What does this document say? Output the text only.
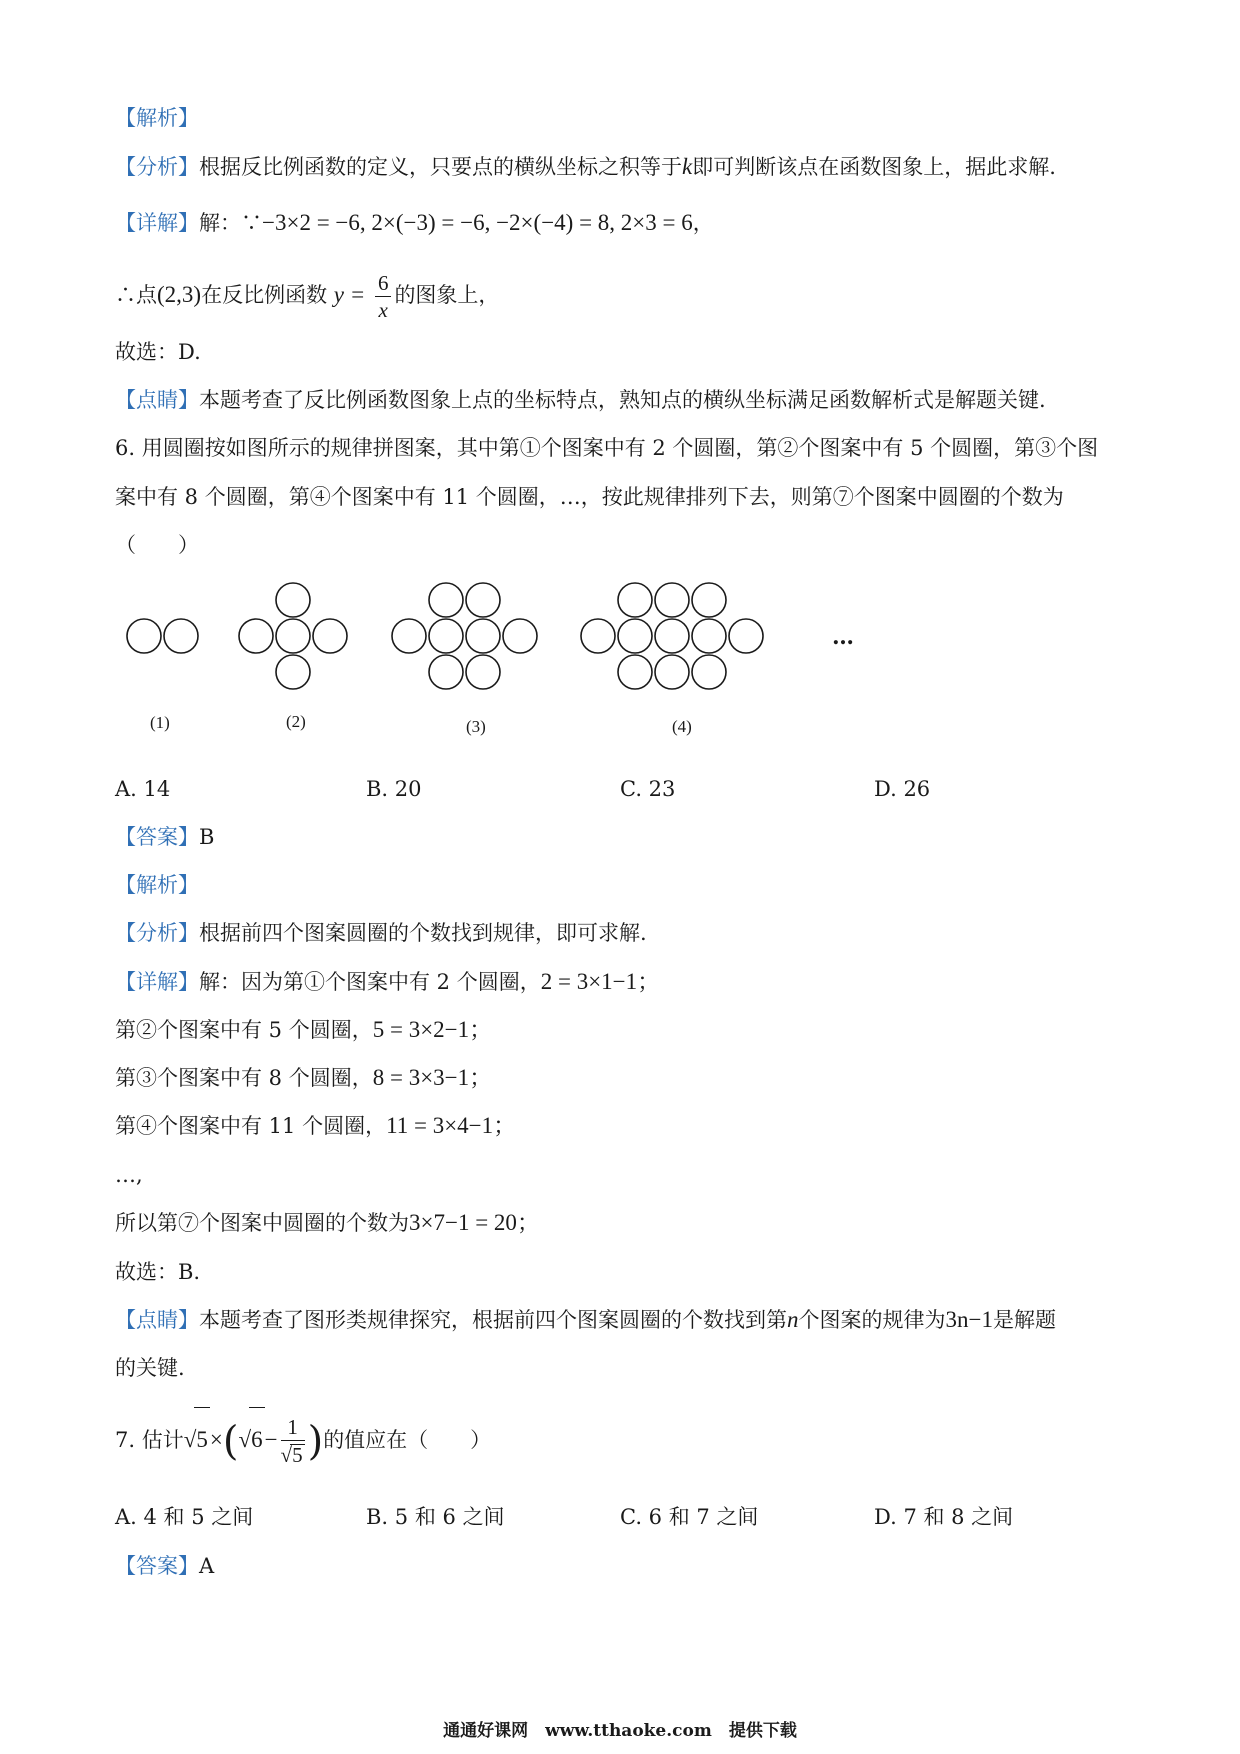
【解析】
【分析】根据反比例函数的定义，只要点的横纵坐标之积等于k即可判断该点在函数图象上，据此求解.
【详解】解：∵−3×2 = −6, 2×(−3) = −6, −2×(−4) = 8, 2×3 = 6，
∴点(2,3)在反比例函数 $y = \frac{6}{x}$ 的图象上，
故选：D.
【点睛】本题考查了反比例函数图象上点的坐标特点，熟知点的横纵坐标满足函数解析式是解题关键.
6. 用圆圈按如图所示的规律拼图案，其中第①个图案中有 2 个圆圈，第②个图案中有 5 个圆圈，第③个图
案中有 8 个圆圈，第④个图案中有 11 个圆圈，…，按此规律排列下去，则第⑦个图案中圆圈的个数为
（　　）
…
(1)	(2)	(3)	(4)
A. 14	B. 20	C. 23	D. 26
【答案】B
【解析】
【分析】根据前四个图案圆圈的个数找到规律，即可求解.
【详解】解：因为第①个图案中有 2 个圆圈，2 = 3×1−1；
第②个图案中有 5 个圆圈，5 = 3×2−1；
第③个图案中有 8 个圆圈，8 = 3×3−1；
第④个图案中有 11 个圆圈，11 = 3×4−1；
…,
所以第⑦个图案中圆圈的个数为3×7−1 = 20；
故选：B.
【点睛】本题考查了图形类规律探究，根据前四个图案圆圈的个数找到第n个图案的规律为3n−1是解题
的关键.
7. 估计$√5\times(√6- \frac{1}{√5}$ )的值应在（　　）
A. 4 和 5 之间	B. 5 和 6 之间	C. 6 和 7 之间	D. 7 和 8 之间
【答案】A
通通好课网　www.tthaoke.com　提供下载
